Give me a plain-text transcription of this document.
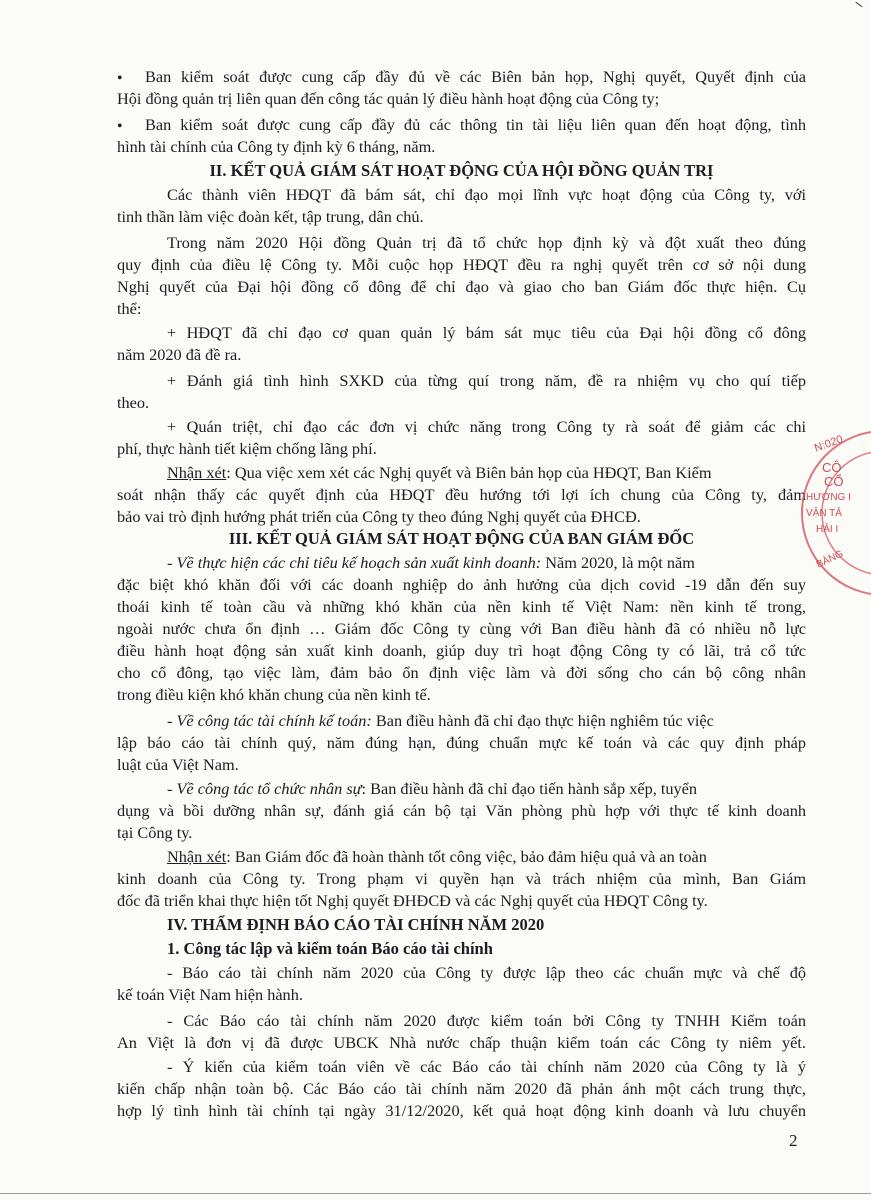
• Ban kiểm soát được cung cấp đầy đủ về các Biên bản họp, Nghị quyết, Quyết định của
Hội đồng quản trị liên quan đến công tác quản lý điều hành hoạt động của Công ty;
• Ban kiểm soát được cung cấp đầy đủ các thông tin tài liệu liên quan đến hoạt động, tình
hình tài chính của Công ty định kỳ 6 tháng, năm.
II. KẾT QUẢ GIÁM SÁT HOẠT ĐỘNG CỦA HỘI ĐỒNG QUẢN TRỊ
Các thành viên HĐQT đã bám sát, chỉ đạo mọi lĩnh vực hoạt động của Công ty, với
tinh thần làm việc đoàn kết, tập trung, dân chủ.
Trong năm 2020 Hội đồng Quản trị đã tổ chức họp định kỳ và đột xuất theo đúng
quy định của điều lệ Công ty. Mỗi cuộc họp HĐQT đều ra nghị quyết trên cơ sở nội dung
Nghị quyết của Đại hội đồng cổ đông để chỉ đạo và giao cho ban Giám đốc thực hiện. Cụ
thể:
+ HĐQT đã chỉ đạo cơ quan quản lý bám sát mục tiêu của Đại hội đồng cổ đông
năm 2020 đã đề ra.
+ Đánh giá tình hình SXKD của từng quí trong năm, đề ra nhiệm vụ cho quí tiếp
theo.
+ Quán triệt, chỉ đạo các đơn vị chức năng trong Công ty rà soát để giảm các chi
phí, thực hành tiết kiệm chống lãng phí.
Nhận xét: Qua việc xem xét các Nghị quyết và Biên bản họp của HĐQT, Ban Kiểm
soát nhận thấy các quyết định của HĐQT đều hướng tới lợi ích chung của Công ty, đảm
bảo vai trò định hướng phát triển của Công ty theo đúng Nghị quyết của ĐHCĐ.
III. KẾT QUẢ GIÁM SÁT HOẠT ĐỘNG CỦA BAN GIÁM ĐỐC
- Về thực hiện các chỉ tiêu kế hoạch sản xuất kinh doanh: Năm 2020, là một năm
đặc biệt khó khăn đối với các doanh nghiệp do ảnh hưởng của dịch covid -19 dẫn đến suy
thoái kinh tế toàn cầu và những khó khăn của nền kinh tế Việt Nam: nền kinh tế trong,
ngoài nước chưa ổn định … Giám đốc Công ty cùng với Ban điều hành đã có nhiều nỗ lực
điều hành hoạt động sản xuất kinh doanh, giúp duy trì hoạt động Công ty có lãi, trả cổ tức
cho cổ đông, tạo việc làm, đảm bảo ổn định việc làm và đời sống cho cán bộ công nhân
trong điều kiện khó khăn chung của nền kinh tế.
- Về công tác tài chính kế toán: Ban điều hành đã chỉ đạo thực hiện nghiêm túc việc
lập báo cáo tài chính quý, năm đúng hạn, đúng chuẩn mực kế toán và các quy định pháp
luật của Việt Nam.
- Về công tác tổ chức nhân sự: Ban điều hành đã chỉ đạo tiến hành sắp xếp, tuyển
dụng và bồi dưỡng nhân sự, đánh giá cán bộ tại Văn phòng phù hợp với thực tế kinh doanh
tại Công ty.
Nhận xét: Ban Giám đốc đã hoàn thành tốt công việc, bảo đảm hiệu quả và an toàn
kinh doanh của Công ty. Trong phạm vi quyền hạn và trách nhiệm của mình, Ban Giám
đốc đã triển khai thực hiện tốt Nghị quyết ĐHĐCĐ và các Nghị quyết của HĐQT Công ty.
IV. THẨM ĐỊNH BÁO CÁO TÀI CHÍNH NĂM 2020
1. Công tác lập và kiểm toán Báo cáo tài chính
- Báo cáo tài chính năm 2020 của Công ty được lập theo các chuẩn mực và chế độ
kế toán Việt Nam hiện hành.
- Các Báo cáo tài chính năm 2020 được kiểm toán bởi Công ty TNHH Kiểm toán
An Việt là đơn vị đã được UBCK Nhà nước chấp thuận kiểm toán các Công ty niêm yết.
- Ý kiến của kiểm toán viên về các Báo cáo tài chính năm 2020 của Công ty là ý
kiến chấp nhận toàn bộ. Các Báo cáo tài chính năm 2020 đã phản ánh một cách trung thực,
hợp lý tình hình tài chính tại ngày 31/12/2020, kết quả hoạt động kinh doanh và lưu chuyển
2
N:020
CÔ
CỔ
HƯƠNG I
VẬN TẢ
HẢI I
BÀNG
